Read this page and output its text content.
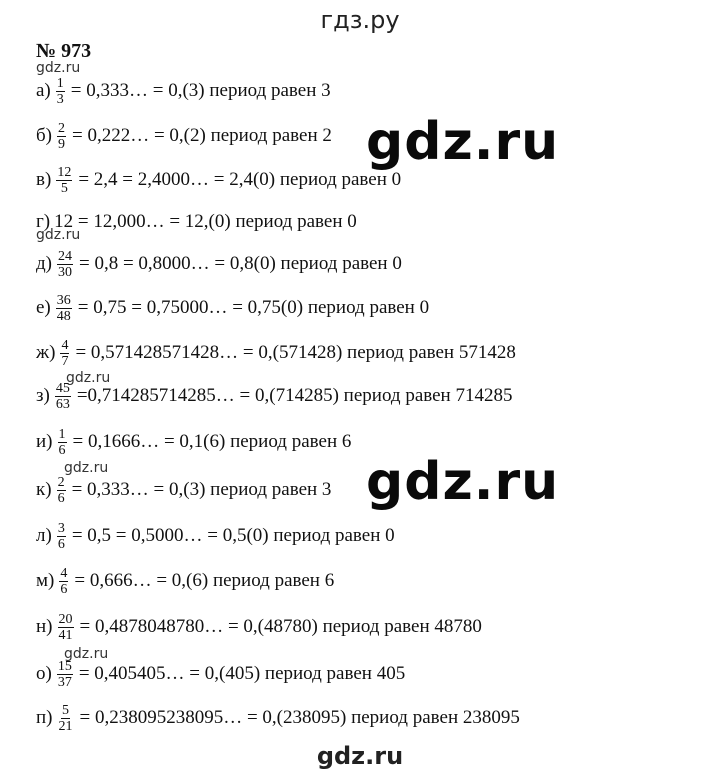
гдз.ру
№ 973
gdz.ru
gdz.ru
gdz.ru
gdz.ru
gdz.ru
$а) \frac{1}{3}$ = 0,333… = 0,(3) период равен 3
$б) \frac{2}{9}$ = 0,222… = 0,(2) период равен 2
$в) \frac{12}{5} = 2,4$ = 2,4000… = 2,4(0) период равен 0
г) 12 = 12,000… = 12,(0) период равен 0
$д) \frac{24}{30} = 0,8$ = 0,8000… = 0,8(0) период равен 0
$е) \frac{36}{48} = 0,75$ = 0,75000… = 0,75(0) период равен 0
$ж) \frac{4}{7}$ = 0,571428571428… = 0,(571428) период равен 571428
$з) \frac{45}{63}$ =0,714285714285… = 0,(714285) период равен 714285
$и) \frac{1}{6}$ = 0,1666… = 0,1(6) период равен 6
$к) \frac{2}{6}$ = 0,333… = 0,(3) период равен 3
$л) \frac{3}{6} = 0,5$ = 0,5000… = 0,5(0) период равен 0
$м) \frac{4}{6}$ = 0,666… = 0,(6) период равен 6
$н) \frac{20}{41}$ = 0,4878048780… = 0,(48780) период равен 48780
$о) \frac{15}{37}$ = 0,405405… = 0,(405) период равен 405
$п) \frac{5}{21}$ = 0,238095238095… = 0,(238095) период равен 238095
gdz.ru
gdz.ru
gdz.ru
